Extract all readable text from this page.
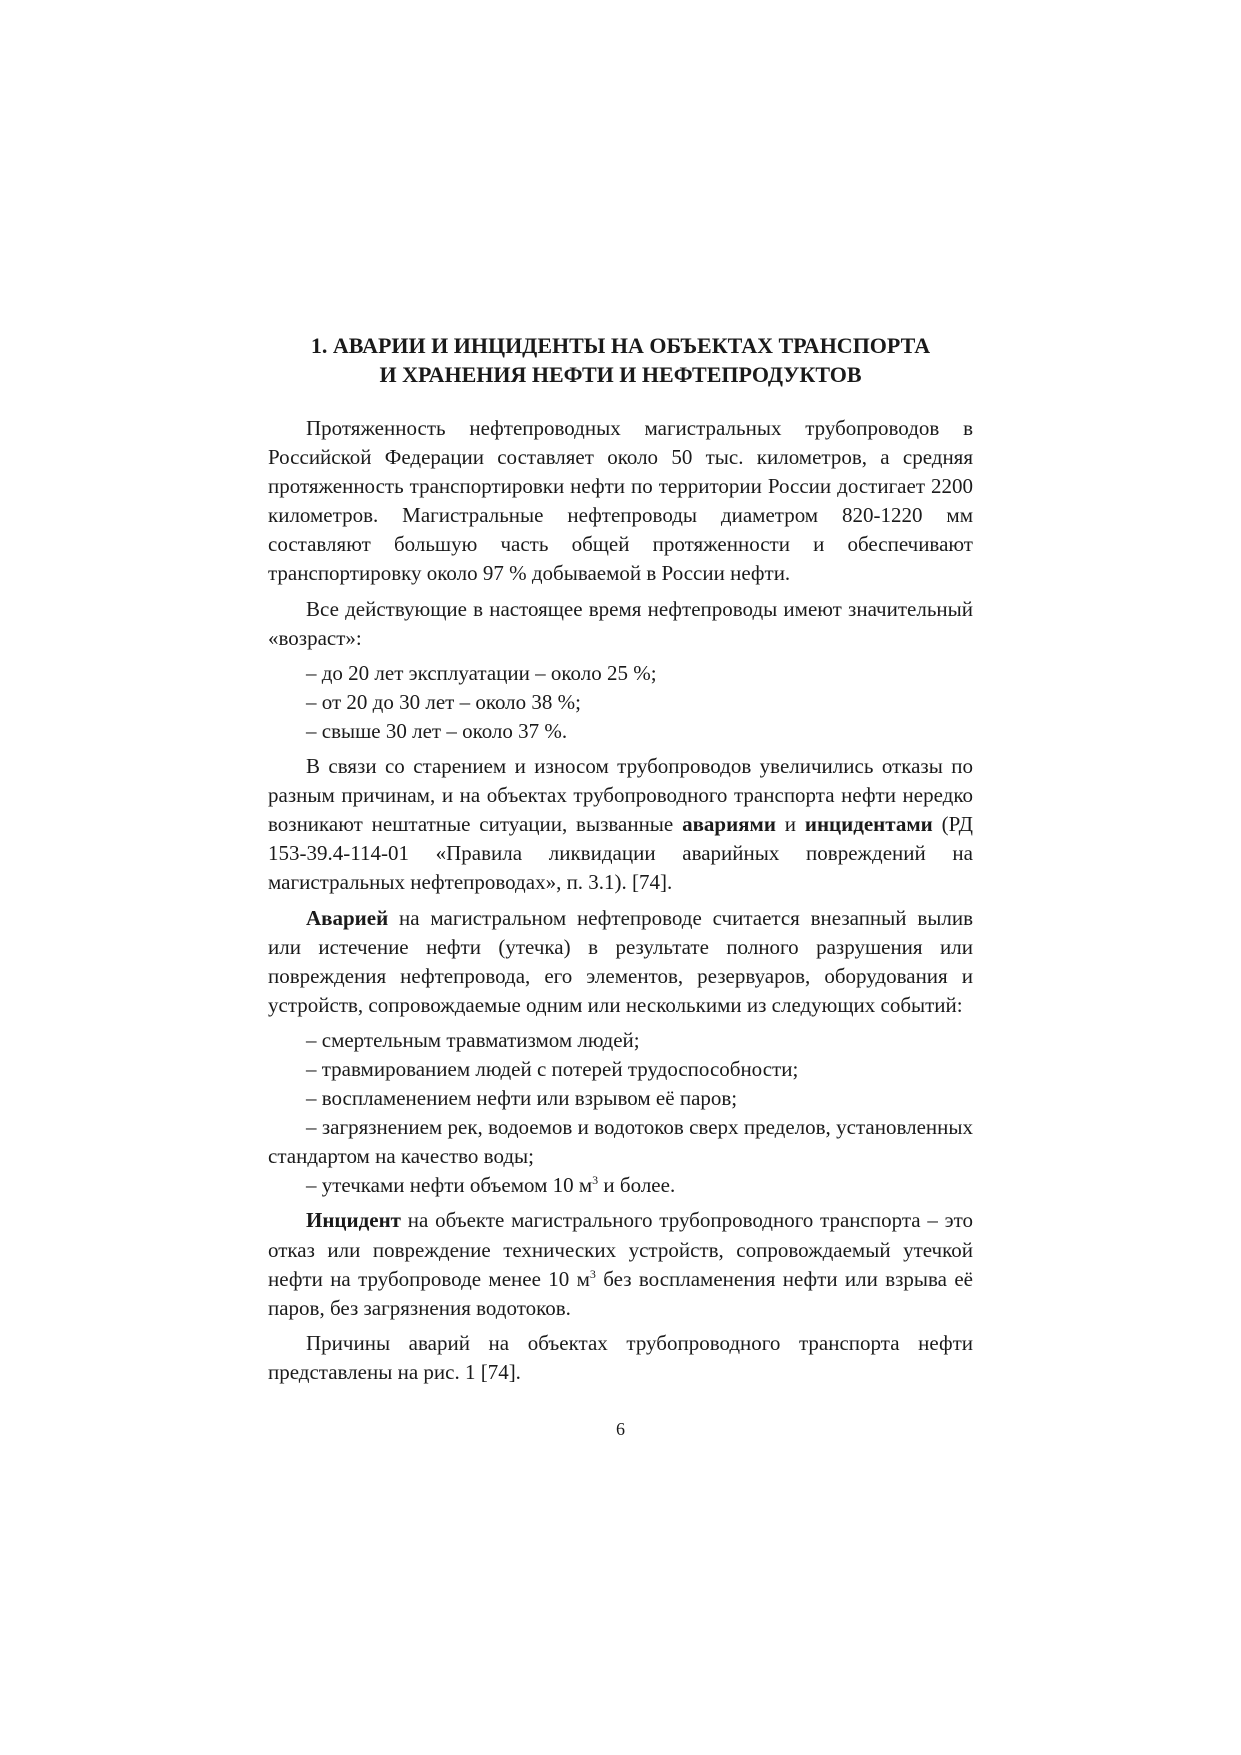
1. АВАРИИ И ИНЦИДЕНТЫ НА ОБЪЕКТАХ ТРАНСПОРТА
И ХРАНЕНИЯ НЕФТИ И НЕФТЕПРОДУКТОВ

Протяженность нефтепроводных магистральных трубопроводов в Российской Федерации составляет около 50 тыс. километров, а средняя протяженность транспортировки нефти по территории России достигает 2200 километров. Магистральные нефтепроводы диаметром 820-1220 мм составляют большую часть общей протяженности и обеспечивают транспортировку около 97 % добываемой в России нефти.

Все действующие в настоящее время нефтепроводы имеют значительный «возраст»:

– до 20 лет эксплуатации – около 25 %;

– от 20 до 30 лет – около 38 %;

– свыше 30 лет – около 37 %.

В связи со старением и износом трубопроводов увеличились отказы по разным причинам, и на объектах трубопроводного транспорта нефти нередко возникают нештатные ситуации, вызванные авариями и инцидентами (РД 153-39.4-114-01 «Правила ликвидации аварийных повреждений на магистральных нефтепроводах», п. 3.1). [74].

Аварией на магистральном нефтепроводе считается внезапный вылив или истечение нефти (утечка) в результате полного разрушения или повреждения нефтепровода, его элементов, резервуаров, оборудования и устройств, сопровождаемые одним или несколькими из следующих событий:

– смертельным травматизмом людей;

– травмированием людей с потерей трудоспособности;

– воспламенением нефти или взрывом её паров;

– загрязнением рек, водоемов и водотоков сверх пределов, установленных стандартом на качество воды;

– утечками нефти объемом 10 $м^3$ и более.

Инцидент на объекте магистрального трубопроводного транспорта – это отказ или повреждение технических устройств, сопровождаемый утечкой нефти на трубопроводе менее 10 $м^3$ без воспламенения нефти или взрыва её паров, без загрязнения водотоков.

Причины аварий на объектах трубопроводного транспорта нефти представлены на рис. 1 [74].

6
